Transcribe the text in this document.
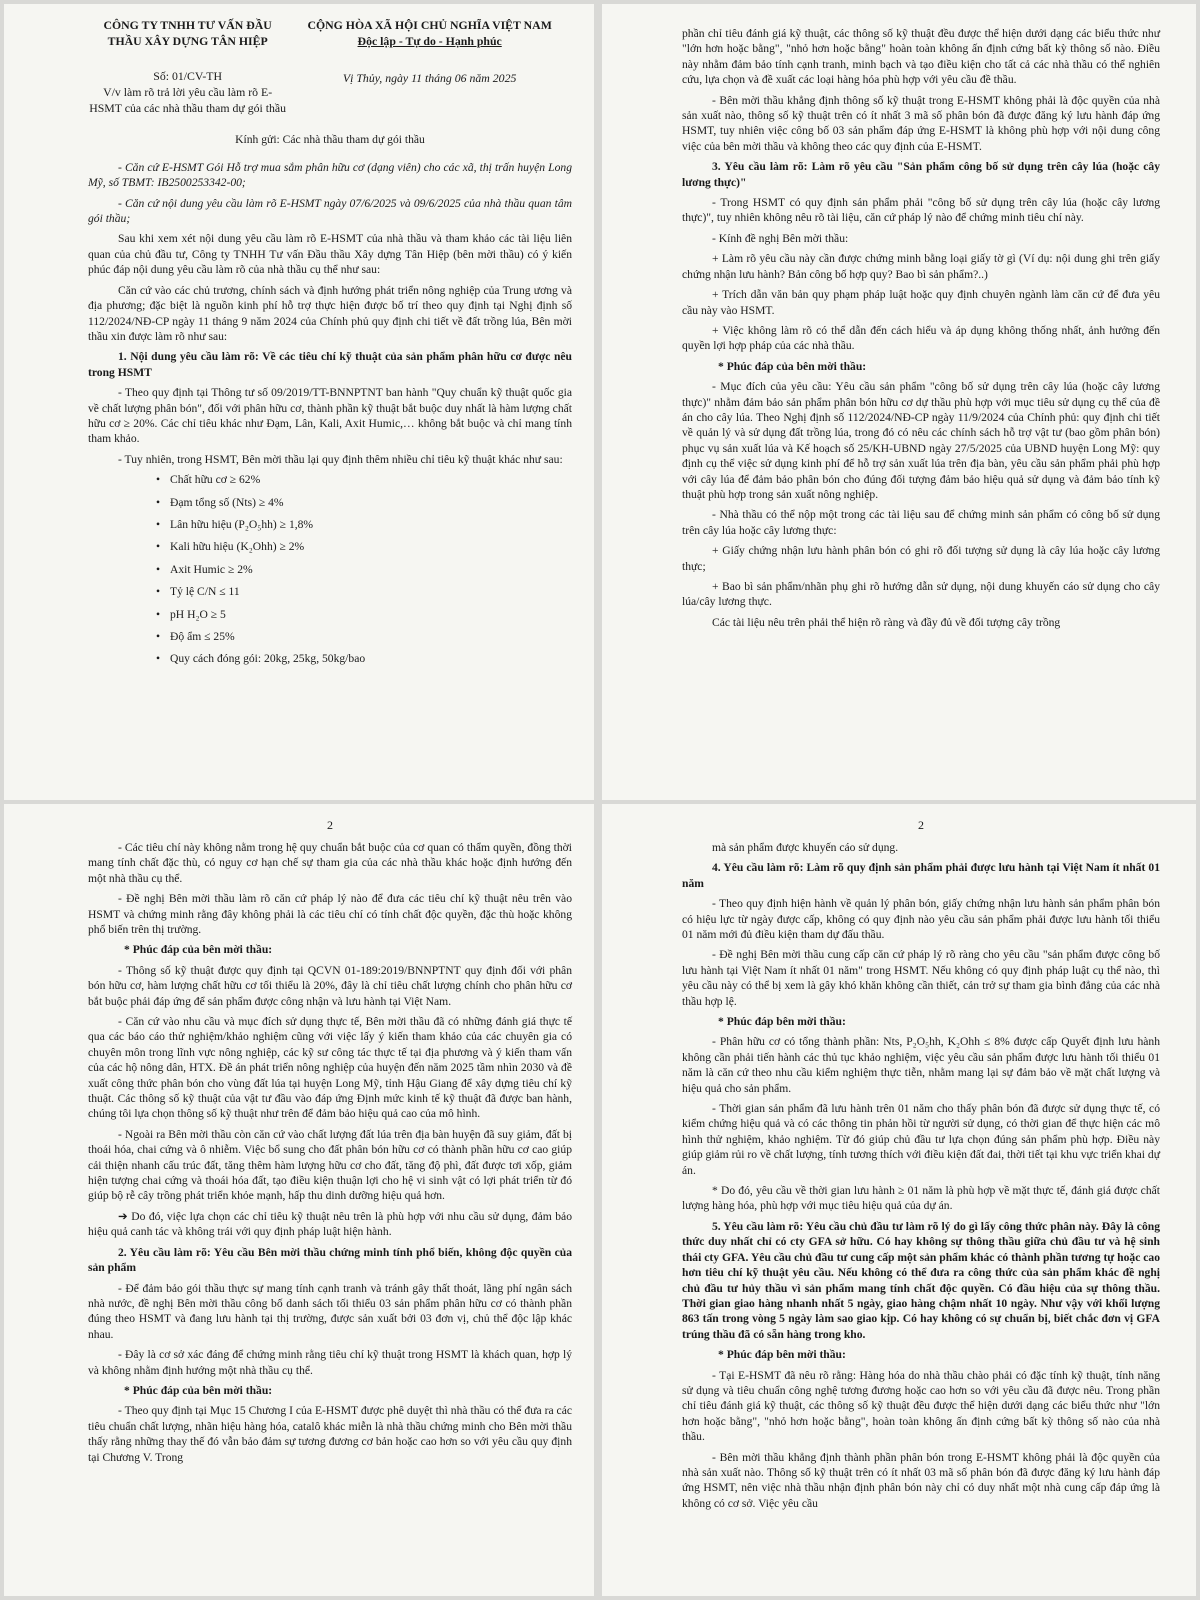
CÔNG TY TNHH TƯ VẤN ĐẦU
THẦU XÂY DỰNG TÂN HIỆP
Số: 01/CV-TH
V/v làm rõ trả lời yêu cầu làm rõ E-HSMT của các nhà thầu tham dự gói thầu
CỘNG HÒA XÃ HỘI CHỦ NGHĨA VIỆT NAM
Độc lập - Tự do - Hạnh phúc
Vị Thủy, ngày 11 tháng 06 năm 2025

Kính gửi: Các nhà thầu tham dự gói thầu

- Căn cứ E-HSMT Gói Hỗ trợ mua sắm phân hữu cơ (dạng viên) cho các xã, thị trấn huyện Long Mỹ, số TBMT: IB2500253342-00;

- Căn cứ nội dung yêu cầu làm rõ E-HSMT ngày 07/6/2025 và 09/6/2025 của nhà thầu quan tâm gói thầu;

Sau khi xem xét nội dung yêu cầu làm rõ E-HSMT của nhà thầu và tham khảo các tài liệu liên quan của chủ đầu tư, Công ty TNHH Tư vấn Đầu thầu Xây dựng Tân Hiệp (bên mời thầu) có ý kiến phúc đáp nội dung yêu cầu làm rõ của nhà thầu cụ thể như sau:

Căn cứ vào các chủ trương, chính sách và định hướng phát triển nông nghiệp của Trung ương và địa phương; đặc biệt là nguồn kinh phí hỗ trợ thực hiện được bố trí theo quy định tại Nghị định số 112/2024/NĐ-CP ngày 11 tháng 9 năm 2024 của Chính phủ quy định chi tiết về đất trồng lúa, Bên mời thầu xin được làm rõ như sau:

1. Nội dung yêu cầu làm rõ: Về các tiêu chí kỹ thuật của sản phẩm phân hữu cơ được nêu trong HSMT

- Theo quy định tại Thông tư số 09/2019/TT-BNNPTNT ban hành "Quy chuẩn kỹ thuật quốc gia về chất lượng phân bón", đối với phân hữu cơ, thành phần kỹ thuật bắt buộc duy nhất là hàm lượng chất hữu cơ ≥ 20%. Các chỉ tiêu khác như Đạm, Lân, Kali, Axit Humic,… không bắt buộc và chỉ mang tính tham khảo.

- Tuy nhiên, trong HSMT, Bên mời thầu lại quy định thêm nhiều chỉ tiêu kỹ thuật khác như sau:

• Chất hữu cơ ≥ 62%
• Đạm tổng số (Nts) ≥ 4%
• Lân hữu hiệu (P₂O₅hh) ≥ 1,8%
• Kali hữu hiệu (K₂Ohh) ≥ 2%
• Axit Humic ≥ 2%
• Tỷ lệ C/N ≤ 11
• pH H₂O ≥ 5
• Độ ẩm ≤ 25%
• Quy cách đóng gói: 20kg, 25kg, 50kg/bao

phần chỉ tiêu đánh giá kỹ thuật, các thông số kỹ thuật đều được thể hiện dưới dạng các biểu thức như "lớn hơn hoặc bằng", "nhỏ hơn hoặc bằng" hoàn toàn không ấn định cứng bất kỳ thông số nào. Điều này nhằm đảm bảo tính cạnh tranh, minh bạch và tạo điều kiện cho tất cả các nhà thầu có thể nghiên cứu, lựa chọn và đề xuất các loại hàng hóa phù hợp với yêu cầu đề thầu.

- Bên mời thầu khẳng định thông số kỹ thuật trong E-HSMT không phải là độc quyền của nhà sản xuất nào, thông số kỹ thuật trên có ít nhất 3 mã số phân bón đã được đăng ký lưu hành đáp ứng HSMT, tuy nhiên việc công bố 03 sản phẩm đáp ứng E-HSMT là không phù hợp với nội dung công việc của bên mời thầu và không theo các quy định của E-HSMT.

3. Yêu cầu làm rõ: Làm rõ yêu cầu "Sản phẩm công bố sử dụng trên cây lúa (hoặc cây lương thực)"

- Trong HSMT có quy định sản phẩm phải "công bố sử dụng trên cây lúa (hoặc cây lương thực)", tuy nhiên không nêu rõ tài liệu, căn cứ pháp lý nào để chứng minh tiêu chí này.

- Kính đề nghị Bên mời thầu:

+ Làm rõ yêu cầu này cần được chứng minh bằng loại giấy tờ gì (Ví dụ: nội dung ghi trên giấy chứng nhận lưu hành? Bản công bố hợp quy? Bao bì sản phẩm?..)

+ Trích dẫn văn bản quy phạm pháp luật hoặc quy định chuyên ngành làm căn cứ để đưa yêu cầu này vào HSMT.

+ Việc không làm rõ có thể dẫn đến cách hiểu và áp dụng không thống nhất, ảnh hưởng đến quyền lợi hợp pháp của các nhà thầu.

* Phúc đáp của bên mời thầu:

- Mục đích của yêu cầu: Yêu cầu sản phẩm "công bố sử dụng trên cây lúa (hoặc cây lương thực)" nhằm đảm bảo sản phẩm phân bón hữu cơ dự thầu phù hợp với mục tiêu sử dụng cụ thể của đề án cho cây lúa. Theo Nghị định số 112/2024/NĐ-CP ngày 11/9/2024 của Chính phủ: quy định chi tiết về quản lý và sử dụng đất trồng lúa, trong đó có nêu các chính sách hỗ trợ vật tư (bao gồm phân bón) phục vụ sản xuất lúa và Kế hoạch số 25/KH-UBND ngày 27/5/2025 của UBND huyện Long Mỹ: quy định cụ thể việc sử dụng kinh phí để hỗ trợ sản xuất lúa trên địa bàn, yêu cầu sản phẩm phải phù hợp với cây lúa để đảm bảo phân bón cho đúng đối tượng đảm bảo hiệu quả sử dụng và đảm bảo tính kỹ thuật phù hợp trong sản xuất nông nghiệp.

- Nhà thầu có thể nộp một trong các tài liệu sau để chứng minh sản phẩm có công bố sử dụng trên cây lúa hoặc cây lương thực:

+ Giấy chứng nhận lưu hành phân bón có ghi rõ đối tượng sử dụng là cây lúa hoặc cây lương thực;

+ Bao bì sản phẩm/nhãn phụ ghi rõ hướng dẫn sử dụng, nội dung khuyến cáo sử dụng cho cây lúa/cây lương thực.

Các tài liệu nêu trên phải thể hiện rõ ràng và đầy đủ về đối tượng cây trồng

2

- Các tiêu chí này không nằm trong hệ quy chuẩn bắt buộc của cơ quan có thẩm quyền, đồng thời mang tính chất đặc thù, có nguy cơ hạn chế sự tham gia của các nhà thầu khác hoặc định hướng đến một nhà thầu cụ thể.

- Đề nghị Bên mời thầu làm rõ căn cứ pháp lý nào để đưa các tiêu chí kỹ thuật nêu trên vào HSMT và chứng minh rằng đây không phải là các tiêu chí có tính chất độc quyền, đặc thù hoặc không phổ biến trên thị trường.

* Phúc đáp của bên mời thầu:

- Thông số kỹ thuật được quy định tại QCVN 01-189:2019/BNNPTNT quy định đối với phân bón hữu cơ, hàm lượng chất hữu cơ tối thiểu là 20%, đây là chỉ tiêu chất lượng chính cho phân hữu cơ bắt buộc phải đáp ứng để sản phẩm được công nhận và lưu hành tại Việt Nam.

- Căn cứ vào nhu cầu và mục đích sử dụng thực tế, Bên mời thầu đã có những đánh giá thực tế qua các báo cáo thử nghiệm/khảo nghiệm cũng với việc lấy ý kiến tham khảo của các chuyên gia có chuyên môn trong lĩnh vực nông nghiệp, các kỹ sư công tác thực tế tại địa phương và ý kiến tham vấn của các hộ nông dân, HTX. Đề án phát triển nông nghiệp của huyện đến năm 2025 tầm nhìn 2030 và đề xuất công thức phân bón cho vùng đất lúa tại huyện Long Mỹ, tỉnh Hậu Giang để xây dựng tiêu chí kỹ thuật. Các thông số kỹ thuật của vật tư đầu vào đáp ứng Định mức kinh tế kỹ thuật đã được ban hành, chúng tôi lựa chọn thông số kỹ thuật như trên để đảm bảo hiệu quả cao của mô hình.

- Ngoài ra Bên mời thầu còn căn cứ vào chất lượng đất lúa trên địa bàn huyện đã suy giảm, đất bị thoái hóa, chai cứng và ô nhiễm. Việc bổ sung cho đất phân bón hữu cơ có thành phần hữu cơ cao giúp cải thiện nhanh cấu trúc đất, tăng thêm hàm lượng hữu cơ cho đất, tăng độ phì, đất được tơi xốp, giảm hiện tượng chai cứng và thoái hóa đất, tạo điều kiện thuận lợi cho hệ vi sinh vật có lợi phát triển từ đó giúp bộ rễ cây trồng phát triển khỏe mạnh, hấp thu dinh dưỡng hiệu quả hơn.

➔ Do đó, việc lựa chọn các chỉ tiêu kỹ thuật nêu trên là phù hợp với nhu cầu sử dụng, đảm bảo hiệu quả canh tác và không trái với quy định pháp luật hiện hành.

2. Yêu cầu làm rõ: Yêu cầu Bên mời thầu chứng minh tính phổ biến, không độc quyền của sản phẩm

- Để đảm bảo gói thầu thực sự mang tính cạnh tranh và tránh gây thất thoát, lãng phí ngân sách nhà nước, đề nghị Bên mời thầu công bố danh sách tối thiểu 03 sản phẩm phân hữu cơ có thành phần đúng theo HSMT và đang lưu hành tại thị trường, được sản xuất bởi 03 đơn vị, chủ thể độc lập khác nhau.

- Đây là cơ sở xác đáng để chứng minh rằng tiêu chí kỹ thuật trong HSMT là khách quan, hợp lý và không nhằm định hướng một nhà thầu cụ thể.

* Phúc đáp của bên mời thầu:

- Theo quy định tại Mục 15 Chương I của E-HSMT được phê duyệt thì nhà thầu có thể đưa ra các tiêu chuẩn chất lượng, nhãn hiệu hàng hóa, catalô khác miễn là nhà thầu chứng minh cho Bên mời thầu thấy rằng những thay thế đó vẫn bảo đảm sự tương đương cơ bản hoặc cao hơn so với yêu cầu quy định tại Chương V. Trong

2

mà sản phẩm được khuyến cáo sử dụng.

4. Yêu cầu làm rõ: Làm rõ quy định sản phẩm phải được lưu hành tại Việt Nam ít nhất 01 năm

- Theo quy định hiện hành về quản lý phân bón, giấy chứng nhận lưu hành sản phẩm phân bón có hiệu lực từ ngày được cấp, không có quy định nào yêu cầu sản phẩm phải được lưu hành tối thiểu 01 năm mới đủ điều kiện tham dự đấu thầu.

- Đề nghị Bên mời thầu cung cấp căn cứ pháp lý rõ ràng cho yêu cầu "sản phẩm được công bố lưu hành tại Việt Nam ít nhất 01 năm" trong HSMT. Nếu không có quy định pháp luật cụ thể nào, thì yêu cầu này có thể bị xem là gây khó khăn không cần thiết, cản trở sự tham gia bình đẳng của các nhà thầu hợp lệ.

* Phúc đáp bên mời thầu:

- Phân hữu cơ có tổng thành phần: Nts, P₂O₅hh, K₂Ohh ≤ 8% được cấp Quyết định lưu hành không cần phải tiến hành các thủ tục khảo nghiệm, việc yêu cầu sản phẩm được lưu hành tối thiểu 01 năm là căn cứ theo nhu cầu kiểm nghiệm thực tiễn, nhằm mang lại sự đảm bảo về mặt chất lượng và hiệu quả cho sản phẩm.

- Thời gian sản phẩm đã lưu hành trên 01 năm cho thấy phân bón đã được sử dụng thực tế, có kiểm chứng hiệu quả và có các thông tin phản hồi từ người sử dụng, có thời gian để thực hiện các mô hình thử nghiệm, khảo nghiệm. Từ đó giúp chủ đầu tư lựa chọn đúng sản phẩm phù hợp. Điều này giúp giảm rủi ro về chất lượng, tính tương thích với điều kiện đất đai, thời tiết tại khu vực triển khai dự án.

* Do đó, yêu cầu về thời gian lưu hành ≥ 01 năm là phù hợp về mặt thực tế, đánh giá được chất lượng hàng hóa, phù hợp với mục tiêu hiệu quả của dự án.

5. Yêu cầu làm rõ: Yêu cầu chủ đầu tư làm rõ lý do gì lấy công thức phân này. Đây là công thức duy nhất chỉ có cty GFA sở hữu. Có hay không sự thông thầu giữa chủ đầu tư và hệ sinh thái cty GFA. Yêu cầu chủ đầu tư cung cấp một sản phẩm khác có thành phần tương tự hoặc cao hơn tiêu chí kỹ thuật yêu cầu. Nếu không có thể đưa ra công thức của sản phẩm khác đề nghị chủ đầu tư hủy thầu vì sản phẩm mang tính chất độc quyền. Có đầu hiệu của sự thông thầu. Thời gian giao hàng nhanh nhất 5 ngày, giao hàng chậm nhất 10 ngày. Như vậy với khối lượng 863 tấn trong vòng 5 ngày làm sao giao kịp. Có hay không có sự chuẩn bị, biết chắc đơn vị GFA trúng thầu đã có sẵn hàng trong kho.

* Phúc đáp bên mời thầu:

- Tại E-HSMT đã nêu rõ rằng: Hàng hóa do nhà thầu chào phải có đặc tính kỹ thuật, tính năng sử dụng và tiêu chuẩn công nghệ tương đương hoặc cao hơn so với yêu cầu đã được nêu. Trong phần chỉ tiêu đánh giá kỹ thuật, các thông số kỹ thuật đều được thể hiện dưới dạng các biểu thức như "lớn hơn hoặc bằng", "nhỏ hơn hoặc bằng", hoàn toàn không ấn định cứng bất kỳ thông số nào của nhà thầu.

- Bên mời thầu khẳng định thành phần phân bón trong E-HSMT không phải là độc quyền của nhà sản xuất nào. Thông số kỹ thuật trên có ít nhất 03 mã số phân bón đã được đăng ký lưu hành đáp ứng HSMT, nên việc nhà thầu nhận định phân bón này chỉ có duy nhất một nhà cung cấp đáp ứng là không có cơ sở. Việc yêu cầu
